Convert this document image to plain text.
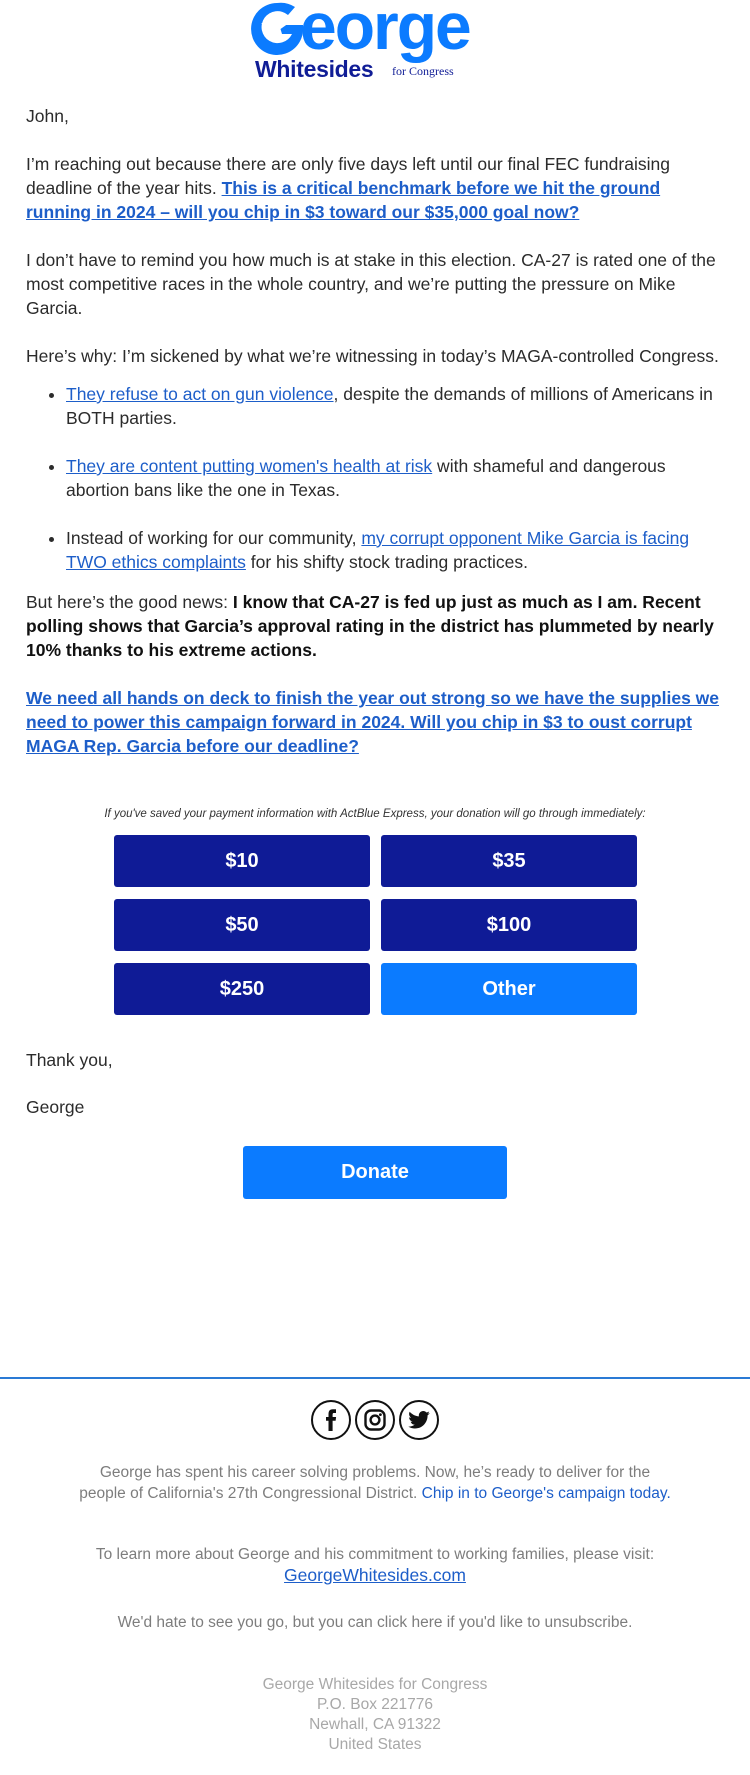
eorge
Whitesides for Congress

John,

I’m reaching out because there are only five days left until our final FEC fundraising deadline of the year hits. This is a critical benchmark before we hit the ground running in 2024 – will you chip in $3 toward our $35,000 goal now?

I don’t have to remind you how much is at stake in this election. CA-27 is rated one of the most competitive races in the whole country, and we’re putting the pressure on Mike Garcia.

Here’s why: I’m sickened by what we’re witnessing in today’s MAGA-controlled Congress.

• They refuse to act on gun violence, despite the demands of millions of Americans in BOTH parties.
• They are content putting women's health at risk with shameful and dangerous abortion bans like the one in Texas.
• Instead of working for our community, my corrupt opponent Mike Garcia is facing TWO ethics complaints for his shifty stock trading practices.

But here’s the good news: I know that CA-27 is fed up just as much as I am. Recent polling shows that Garcia’s approval rating in the district has plummeted by nearly 10% thanks to his extreme actions.

We need all hands on deck to finish the year out strong so we have the supplies we need to power this campaign forward in 2024. Will you chip in $3 to oust corrupt MAGA Rep. Garcia before our deadline?

If you've saved your payment information with ActBlue Express, your donation will go through immediately:
$10	$35
$50	$100
$250	Other
Thank you,
George
Donate
George has spent his career solving problems. Now, he’s ready to deliver for the people of California's 27th Congressional District. Chip in to George's campaign today.
To learn more about George and his commitment to working families, please visit:
GeorgeWhitesides.com
We'd hate to see you go, but you can click here if you'd like to unsubscribe.
George Whitesides for Congress
P.O. Box 221776
Newhall, CA 91322
United States
